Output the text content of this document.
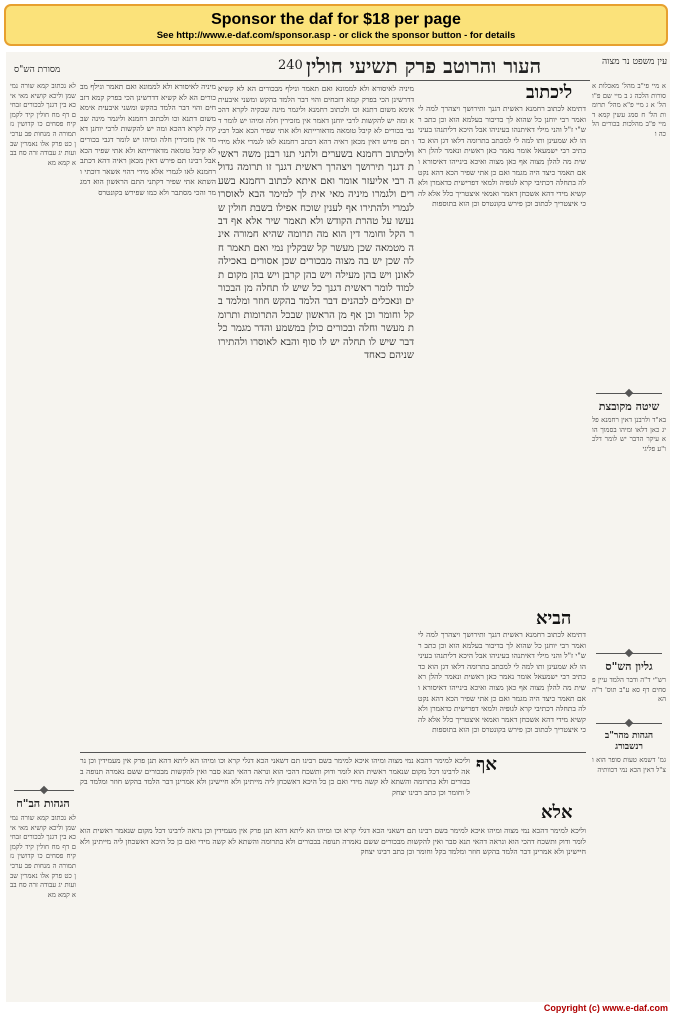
Sponsor the daf for $18 per page
See http://www.e-daf.com/sponsor.asp - or click the sponsor button - for details
240 העור והרוטב פרק תשיעי חולין
מסורת הש"ס
עין משפט נר מצוה
לא נכתוב קמא שורה נמי שמן וליכא קושיא מאי איכא בין דגנך לבכורים זבחים דף מח חולין קיד לקמן קיח פסחים כו קדושין נז תמורה ה מנחות פב ערכין כט פרק אלו נאמרין שבועות יג עבודה זרה סח בבא קמא מא
הגהות הב"ח
לא נכתוב קמא שורה נמי שמן וליכא קושיא מאי איכא בין דגנך לבכורים זבחים דף מח חולין קיד לקמן קיח פסחים כו קדושין נז תמורה ה מנחות פב ערכין כט פרק אלו נאמרין שבועות יג עבודה זרה סח בבא קמא מא
מיניה לאיסורא ולא לממונא ואם תאמר ונילף מבכורים הא לא קשיא דדרשינן הכי בפרק קמא דזבחים והוי דבר הלמד בהקש ומשני איבעית אימא משום דתנא וכו ולכתוב רחמנא וליגמר מינה שבקיה לקרא דהכא ומה יש להקשות לרבי יוחנן דאמר אין מזכירין חלה ומיהו יש לומר דגבי בכורים לא קיבל טומאה מדאורייתא ולא אתי שפיר הכא אבל רבינו תם פירש דאין מכאן ראיה דהא דכתב רחמנא לאו לגמרי אלא מידי דהוי אשאר דוכתי והשתא אתי שפיר דקתני התם הראשון הוא דמגמר והכי מסתבר ולא כמו שפירש בקונטרס
וליכתוב רחמנא בשערים ולתני תנו רבנן משה ראשית דגנך תירושך ויצהרך ראשית דגנך זו תרומה גדולה רבי אליעזר אומר ואם איתא לכתוב רחמנא בשערים ולגמרו מיניה מאי אית לך למימר הבא לאוסרו לגמרי ולהתירו אף לענין שוכח אפילו בשבת חולין שנעשו על טהרת הקודש ולא תאמר שיר אלא אף דבר הקל וחומר דין הוא מה תרומה שהיא חמורה אינה מטמאה שכן מעשר קל שבקלין נמי ואם תאמר חלה שכן יש בה מצוה מבכורים שכן אסורים באכילה לאונן ויש בהן מעילה ויש בהן קרבן ויש בהן מקום תלמוד לומר ראשית דגנך כל שיש לו תחלה מן הבכורים ונאכלים לכהנים דבר הלמד בהקש חוזר ומלמד בקל וחומר וכן אף מן הראשון שבכל התרומות ותרומת מעשר וחלה ובכורים כולן במשמע והדר מגמר כל דבר שיש לו תחלה יש לו סוף והבא לאוסרו ולהתירו שניהם כאחד
מיניה לאיסורא ולא לממונא ואם תאמר ונילף מבכורים הא לא קשיא דדרשינן הכי בפרק קמא דזבחים והוי דבר הלמד בהקש ומשני איבעית אימא משום דתנא וכו ולכתוב רחמנא וליגמר מינה שבקיה לקרא דהכא ומה יש להקשות לרבי יוחנן דאמר אין מזכירין חלה ומיהו יש לומר דגבי בכורים לא קיבל טומאה מדאורייתא ולא אתי שפיר הכא אבל רבינו תם פירש דאין מכאן ראיה דהא דכתב רחמנא לאו לגמרי אלא מידי
ליכתוב
דתימא לכתוב רחמנא ראשית דגנך ותירושך ויצהרך למה לי ואמר רבי יוחנן כל שהוא לך בדיבור בעלמא הוא וכן כתב רש"י ז"ל והני מילי דאיתנהו בעיניהו אבל היכא דליתנהו בעיניהו לא שמעינן ותו למה לי למכתב בתרומה דלאו דגן הוא כדכתיב רבי ישמעאל אומר נאמר כאן ראשית ונאמר להלן ראשית מה להלן מצוה אף כאן מצוה ואיכא בינייהו דאיסורא ואם תאמר כיצד היה מגמר ואם כן אתי שפיר הכא דהא נקט לה בתחלה דכתיבי קרא לגופיה ולמאי דפרישית כדאמרן ולא קשיא מידי דהא אשכחן דאמר ואמאי איצטריך כלל אלא להכי איצטריך לכתוב וכן פירש בקונטרס וכן הוא בתוספות
הביא
דתימא לכתוב רחמנא ראשית דגנך ותירושך ויצהרך למה לי ואמר רבי יוחנן כל שהוא לך בדיבור בעלמא הוא וכן כתב רש"י ז"ל והני מילי דאיתנהו בעיניהו אבל היכא דליתנהו בעיניהו לא שמעינן ותו למה לי למכתב בתרומה דלאו דגן הוא כדכתיב רבי ישמעאל אומר נאמר כאן ראשית ונאמר להלן ראשית מה להלן מצוה אף כאן מצוה ואיכא בינייהו דאיסורא ואם תאמר כיצד היה מגמר ואם כן אתי שפיר הכא דהא נקט לה בתחלה דכתיבי קרא לגופיה ולמאי דפרישית כדאמרן ולא קשיא מידי דהא אשכחן דאמר ואמאי איצטריך כלל אלא להכי איצטריך לכתוב וכן פירש בקונטרס וכן הוא בתוספות
אלא
אף
וליכא למימר דהכא נמי מצוה ומיהו איכא למימר בשם רבינו תם דשאני הכא דגלי קרא וכו ומיהו הא ליתא דהא תנן פרק אין מעמידין וכן נראה לרבינו דכל מקום שנאמר ראשית הוא לומר ודוק ותשכח דהכי הוא ונראה דהאי תנא סבר ואין להקשות מבכורים ששם נאמרה תנופה בבכורים ולא בתרומה והשתא לא קשה מידי ואם כן כל היכא דאשכחן ליה מייתינן ולא חיישינן ולא אמרינן דבר הלמד בהקש חוזר ומלמד בקל וחומר וכן כתב רבינו יצחק
וליכא למימר דהכא נמי מצוה ומיהו איכא למימר בשם רבינו תם דשאני הכא דגלי קרא וכו ומיהו הא ליתא דהא תנן פרק אין מעמידין וכן נראה לרבינו דכל מקום שנאמר ראשית הוא לומר ודוק ותשכח דהכי הוא ונראה דהאי תנא סבר ואין להקשות מבכורים ששם נאמרה תנופה בבכורים ולא בתרומה והשתא לא קשה מידי ואם כן כל היכא דאשכחן ליה מייתינן ולא חיישינן ולא אמרינן דבר הלמד בהקש חוזר ומלמד בקל וחומר וכן כתב רבינו יצחק
א מיי פי"ב מהל' מאכלות אסורות הלכה ג ב מיי שם פ"ו הל' א ג מיי פ"א מהל' תרומות הל' ח סמג עשין קמא ד מיי פ"ב מהלכות בכורים הלכה ו
שיטה מקובצת
בא"ד ולרבנן דאין רחמנא פליג כאן דלאו ומיהו בסמוך הוא עיקר הדבר יש לומר דלכו"ע פליגי
גליון הש"ס
רש"י ד"ה ודבר הלמד עיין פסחים דף סא ע"ב תוס' ד"ה הא
הגהות מהר"ב רנשבורג
גמ' דשמא טעות סופר הוא וצ"ל דאין הכא נמי דכוותיה
Copyright (c) www.e-daf.com
